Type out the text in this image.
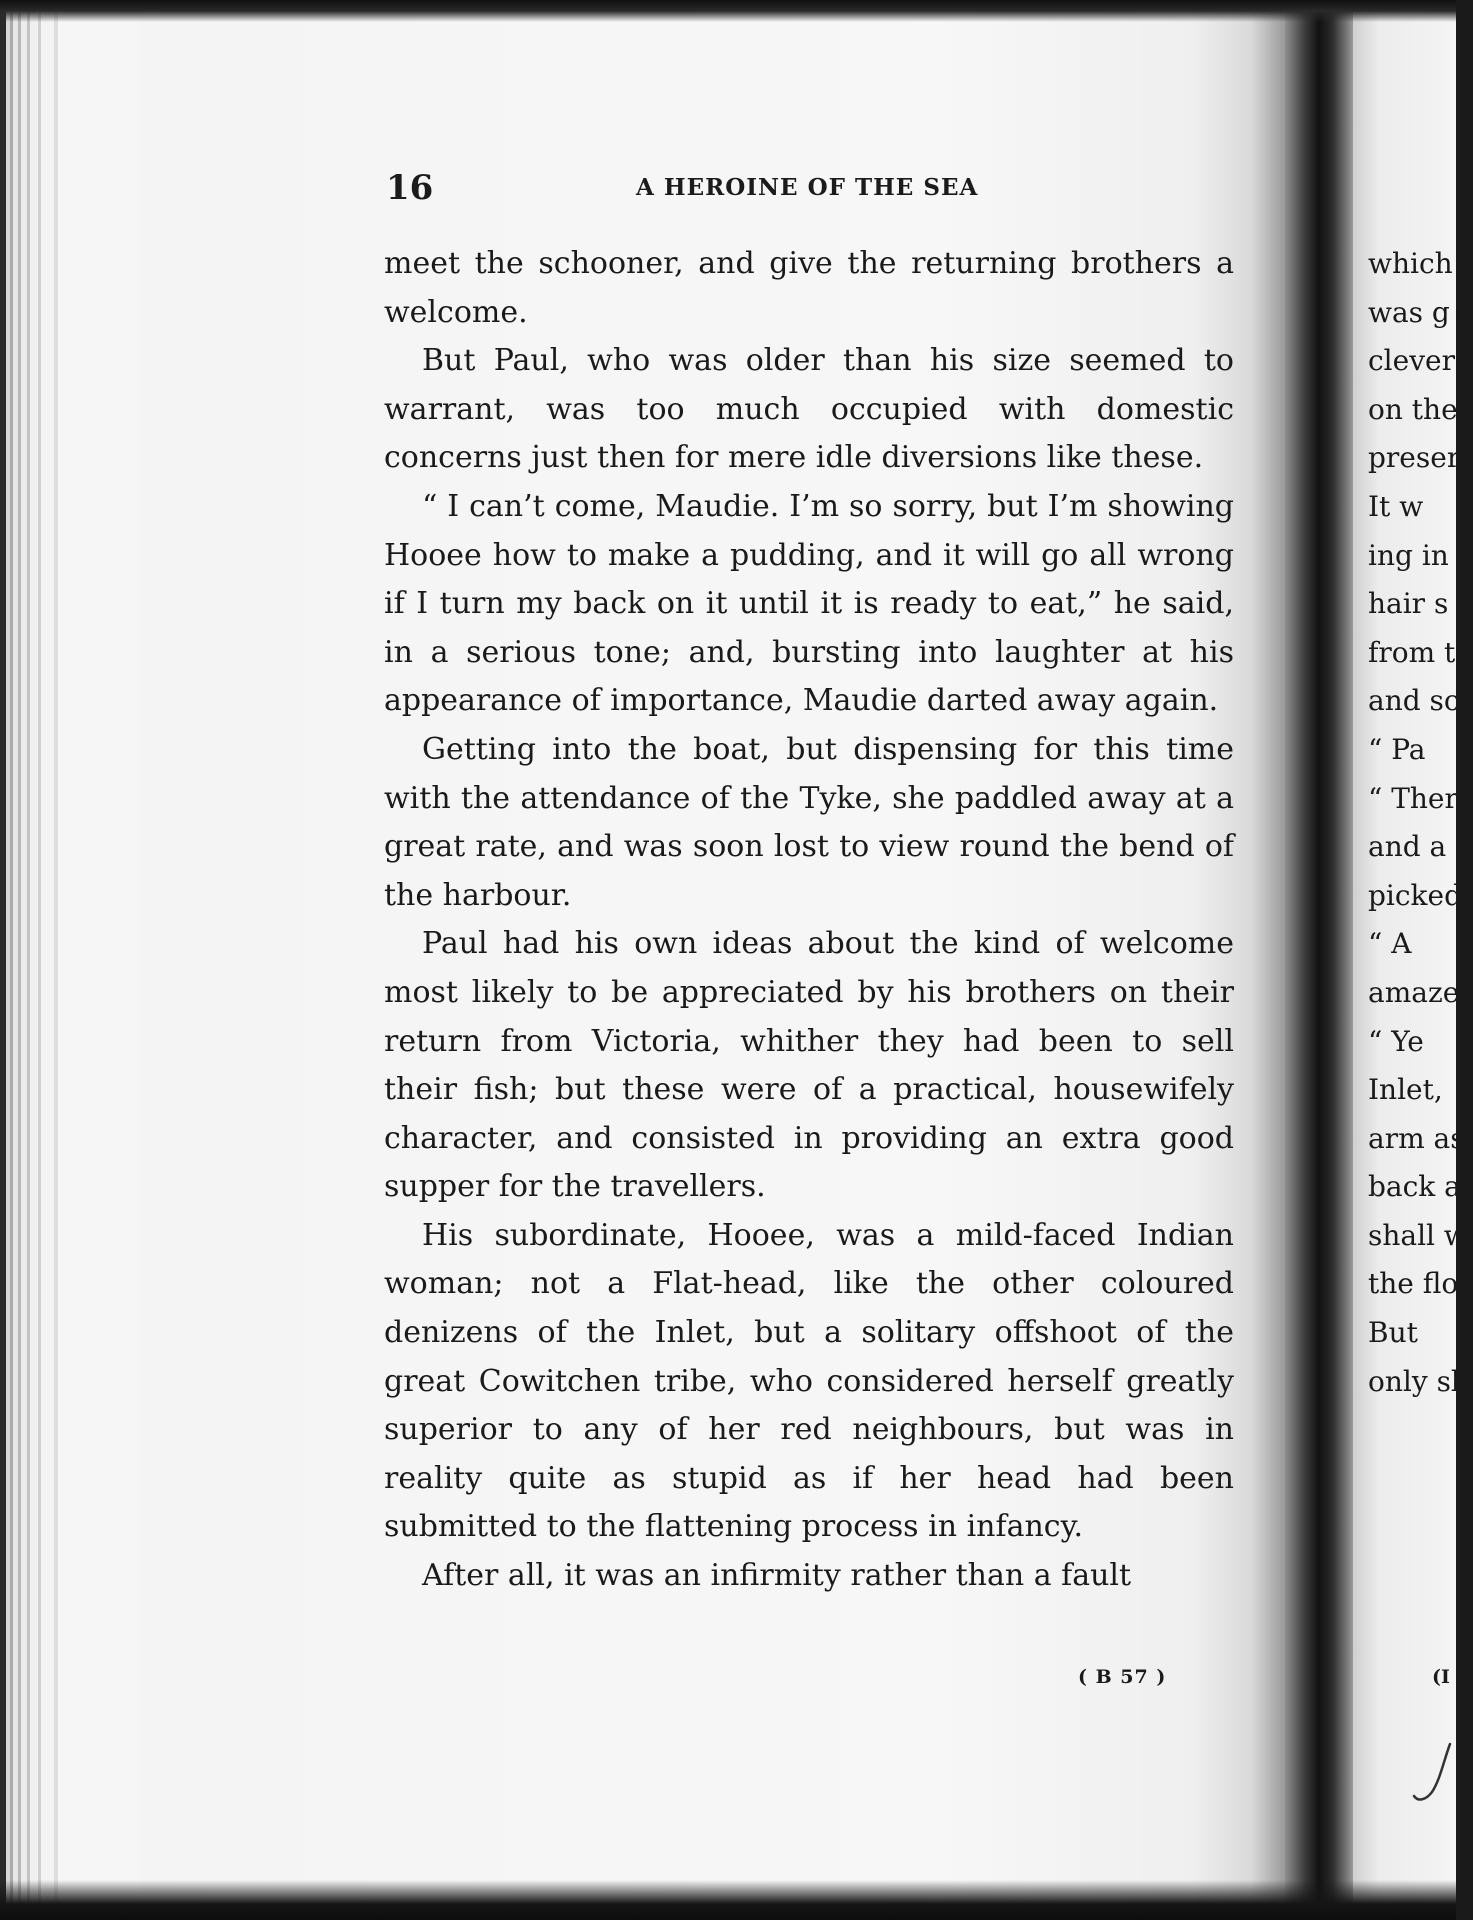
16	A HEROINE OF THE SEA

meet the schooner, and give the returning brothers a welcome.

But Paul, who was older than his size seemed to warrant, was too much occupied with domestic concerns just then for mere idle diversions like these.

“ I can’t come, Maudie. I’m so sorry, but I’m showing Hooee how to make a pudding, and it will go all wrong if I turn my back on it until it is ready to eat,” he said, in a serious tone; and, bursting into laughter at his appearance of importance, Maudie darted away again.

Getting into the boat, but dispensing for this time with the attendance of the Tyke, she paddled away at a great rate, and was soon lost to view round the bend of the harbour.

Paul had his own ideas about the kind of welcome most likely to be appreciated by his brothers on their return from Victoria, whither they had been to sell their fish; but these were of a practical, housewifely character, and consisted in providing an extra good supper for the travellers.

His subordinate, Hooee, was a mild-faced Indian woman; not a Flat-head, like the other coloured denizens of the Inlet, but a solitary offshoot of the great Cowitchen tribe, who considered herself greatly superior to any of her red neighbours, but was in reality quite as stupid as if her head had been submitted to the flattening process in infancy.

After all, it was an infirmity rather than a fault

( B 57 )
which
was g
clever
on the
preser
It w
ing in
hair s
from t
and so
“ Pa
“ Ther
and a
picked
“ A
amazer
“ Ye
Inlet,
arm as
back a
shall w
the flo
But
only sl
(I
